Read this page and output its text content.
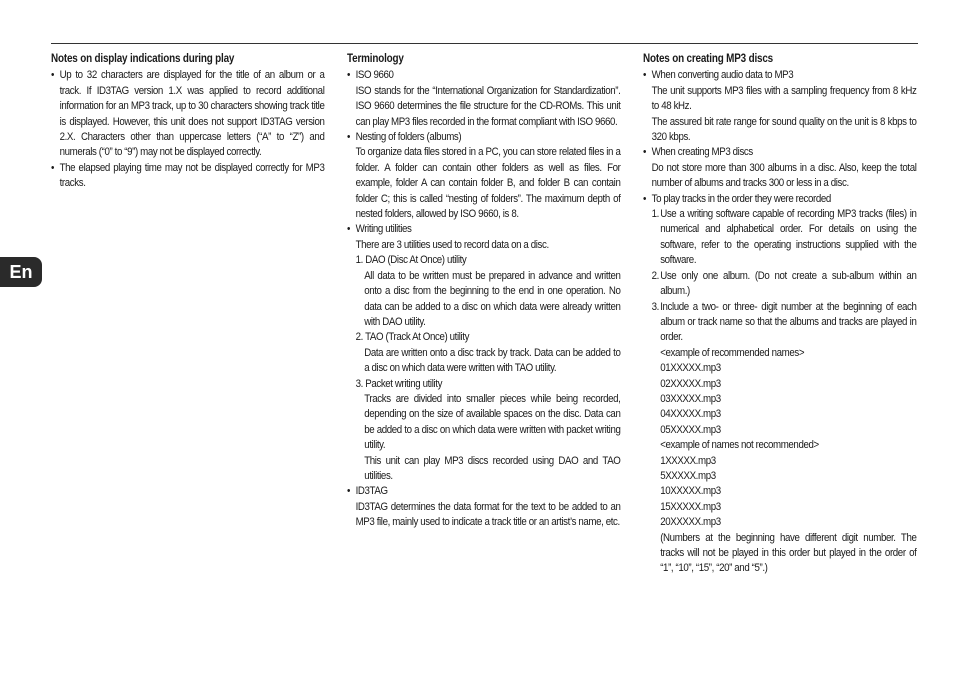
En

Notes on display indications during play

• Up to 32 characters are displayed for the title of an album or a track. If ID3TAG version 1.X was applied to record additional information for an MP3 track, up to 30 characters showing track title is displayed. However, this unit does not support ID3TAG version 2.X. Characters other than uppercase letters (“A” to “Z”) and numerals (“0” to “9”) may not be displayed correctly.
• The elapsed playing time may not be displayed correctly for MP3 tracks.

Terminology

• ISO 9660

ISO stands for the “International Organization for Standardization”. ISO 9660 determines the file structure for the CD-ROMs. This unit can play MP3 files recorded in the format compliant with ISO 9660.

• Nesting of folders (albums)

To organize data files stored in a PC, you can store related files in a folder. A folder can contain other folders as well as files. For example, folder A can contain folder B, and folder B can contain folder C; this is called “nesting of folders”. The maximum depth of nested folders, allowed by ISO 9660, is 8.

• Writing utilities

There are 3 utilities used to record data on a disc.

1. DAO (Disc At Once) utility

All data to be written must be prepared in advance and written onto a disc from the beginning to the end in one operation. No data can be added to a disc on which data were already written with DAO utility.

2. TAO (Track At Once) utility

Data are written onto a disc track by track. Data can be added to a disc on which data were written with TAO utility.

3. Packet writing utility

Tracks are divided into smaller pieces while being recorded, depending on the size of available spaces on the disc. Data can be added to a disc on which data were written with packet writing utility.

This unit can play MP3 discs recorded using DAO and TAO utilities.

• ID3TAG

ID3TAG determines the data format for the text to be added to an MP3 file, mainly used to indicate a track title or an artist’s name, etc.

Notes on creating MP3 discs

• When converting audio data to MP3

The unit supports MP3 files with a sampling frequency from 8 kHz to 48 kHz.

The assured bit rate range for sound quality on the unit is 8 kbps to 320 kbps.

• When creating MP3 discs

Do not store more than 300 albums in a disc. Also, keep the total number of albums and tracks 300 or less in a disc.

• To play tracks in the order they were recorded
1. Use a writing software capable of recording MP3 tracks (files) in numerical and alphabetical order. For details on using the software, refer to the operating instructions supplied with the software.
2. Use only one album. (Do not create a sub-album within an album.)
3. Include a two- or three- digit number at the beginning of each album or track name so that the albums and tracks are played in order.

<example of recommended names>

01XXXXX.mp3

02XXXXX.mp3

03XXXXX.mp3

04XXXXX.mp3

05XXXXX.mp3

<example of names not recommended>

1XXXXX.mp3

5XXXXX.mp3

10XXXXX.mp3

15XXXXX.mp3

20XXXXX.mp3

(Numbers at the beginning have different digit number. The tracks will not be played in this order but played in the order of “1”, “10”, “15”, “20” and “5”.)
